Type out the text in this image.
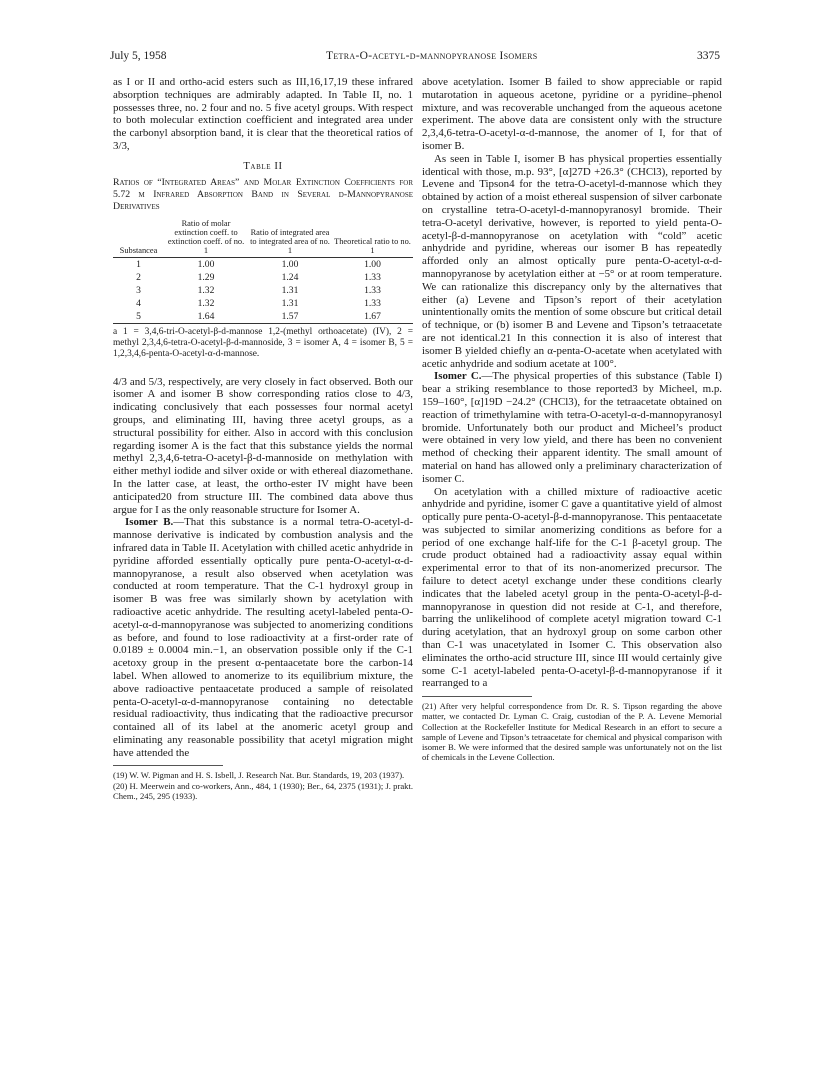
July 5, 1958	Tetra-O-acetyl-d-mannopyranose Isomers	3375

as I or II and ortho-acid esters such as III,16,17,19 these infrared absorption techniques are admirably adapted. In Table II, no. 1 possesses three, no. 2 four and no. 5 five acetyl groups. With respect to both molecular extinction coefficient and integrated area under the carbonyl absorption band, it is clear that the theoretical ratios of 3/3,

Table II
Ratios of “Integrated Areas” and Molar Extinction Coefficients for 5.72 μ Infrared Absorption Band in Several d-Mannopyranose Derivatives
Substancea	Ratio of molar extinction coeff. to extinction coeff. of no. 1	Ratio of integrated area to integrated area of no. 1	Theoretical ratio to no. 1
1	1.00	1.00	1.00
2	1.29	1.24	1.33
3	1.32	1.31	1.33
4	1.32	1.31	1.33
5	1.64	1.57	1.67
a 1 = 3,4,6-tri-O-acetyl-β-d-mannose 1,2-(methyl orthoacetate) (IV), 2 = methyl 2,3,4,6-tetra-O-acetyl-β-d-mannoside, 3 = isomer A, 4 = isomer B, 5 = 1,2,3,4,6-penta-O-acetyl-α-d-mannose.

4/3 and 5/3, respectively, are very closely in fact observed. Both our isomer A and isomer B show corresponding ratios close to 4/3, indicating conclusively that each possesses four normal acetyl groups, and eliminating III, having three acetyl groups, as a structural possibility for either. Also in accord with this conclusion regarding isomer A is the fact that this substance yields the normal methyl 2,3,4,6-tetra-O-acetyl-β-d-mannoside on methylation with either methyl iodide and silver oxide or with ethereal diazomethane. In the latter case, at least, the ortho-ester IV might have been anticipated20 from structure III. The combined data above thus argue for I as the only reasonable structure for Isomer A.

Isomer B.—That this substance is a normal tetra-O-acetyl-d-mannose derivative is indicated by combustion analysis and the infrared data in Table II. Acetylation with chilled acetic anhydride in pyridine afforded essentially optically pure penta-O-acetyl-α-d-mannopyranose, a result also observed when acetylation was conducted at room temperature. That the C-1 hydroxyl group in isomer B was free was similarly shown by acetylation with radioactive acetic anhydride. The resulting acetyl-labeled penta-O-acetyl-α-d-mannopyranose was subjected to anomerizing conditions as before, and found to lose radioactivity at a first-order rate of 0.0189 ± 0.0004 min.−1, an observation possible only if the C-1 acetoxy group in the present α-pentaacetate bore the carbon-14 label. When allowed to anomerize to its equilibrium mixture, the above radioactive pentaacetate produced a sample of reisolated penta-O-acetyl-α-d-mannopyranose containing no detectable residual radioactivity, thus indicating that the radioactive precursor contained all of its label at the anomeric acetyl group and eliminating any reasonable possibility that acetyl migration might have attended the

(19) W. W. Pigman and H. S. Isbell, J. Research Nat. Bur. Standards, 19, 203 (1937).
(20) H. Meerwein and co-workers, Ann., 484, 1 (1930); Ber., 64, 2375 (1931); J. prakt. Chem., 245, 295 (1933).

above acetylation. Isomer B failed to show appreciable or rapid mutarotation in aqueous acetone, pyridine or a pyridine–phenol mixture, and was recoverable unchanged from the aqueous acetone experiment. The above data are consistent only with the structure 2,3,4,6-tetra-O-acetyl-α-d-mannose, the anomer of I, for that of isomer B.

As seen in Table I, isomer B has physical properties essentially identical with those, m.p. 93°, [α]27D +26.3° (CHCl3), reported by Levene and Tipson4 for the tetra-O-acetyl-d-mannose which they obtained by action of a moist ethereal suspension of silver carbonate on crystalline tetra-O-acetyl-d-mannopyranosyl bromide. Their tetra-O-acetyl derivative, however, is reported to yield penta-O-acetyl-β-d-mannopyranose on acetylation with “cold” acetic anhydride and pyridine, whereas our isomer B has repeatedly afforded only an almost optically pure penta-O-acetyl-α-d-mannopyranose by acetylation either at −5° or at room temperature. We can rationalize this discrepancy only by the alternatives that either (a) Levene and Tipson’s report of their acetylation unintentionally omits the mention of some obscure but critical detail of technique, or (b) isomer B and Levene and Tipson’s tetraacetate are not identical.21 In this connection it is also of interest that isomer B yielded chiefly an α-penta-O-acetate when acetylated with acetic anhydride and sodium acetate at 100°.

Isomer C.—The physical properties of this substance (Table I) bear a striking resemblance to those reported3 by Micheel, m.p. 159–160°, [α]19D −24.2° (CHCl3), for the tetraacetate obtained on reaction of trimethylamine with tetra-O-acetyl-α-d-mannopyranosyl bromide. Unfortunately both our product and Micheel’s product were obtained in very low yield, and there has been no convenient method of checking their apparent identity. The small amount of material on hand has allowed only a preliminary characterization of isomer C.

On acetylation with a chilled mixture of radioactive acetic anhydride and pyridine, isomer C gave a quantitative yield of almost optically pure penta-O-acetyl-β-d-mannopyranose. This pentaacetate was subjected to similar anomerizing conditions as before for a period of one exchange half-life for the C-1 β-acetyl group. The crude product obtained had a radioactivity assay equal within experimental error to that of its non-anomerized precursor. The failure to detect acetyl exchange under these conditions clearly indicates that the labeled acetyl group in the penta-O-acetyl-β-d-mannopyranose in question did not reside at C-1, and therefore, barring the unlikelihood of complete acetyl migration toward C-1 during acetylation, that an hydroxyl group on some carbon other than C-1 was unacetylated in Isomer C. This observation also eliminates the ortho-acid structure III, since III would certainly give some C-1 acetyl-labeled penta-O-acetyl-β-d-mannopyranose if it rearranged to a

(21) After very helpful correspondence from Dr. R. S. Tipson regarding the above matter, we contacted Dr. Lyman C. Craig, custodian of the P. A. Levene Memorial Collection at the Rockefeller Institute for Medical Research in an effort to secure a sample of Levene and Tipson’s tetraacetate for chemical and physical comparison with isomer B. We were informed that the desired sample was unfortunately not on the list of chemicals in the Levene Collection.
